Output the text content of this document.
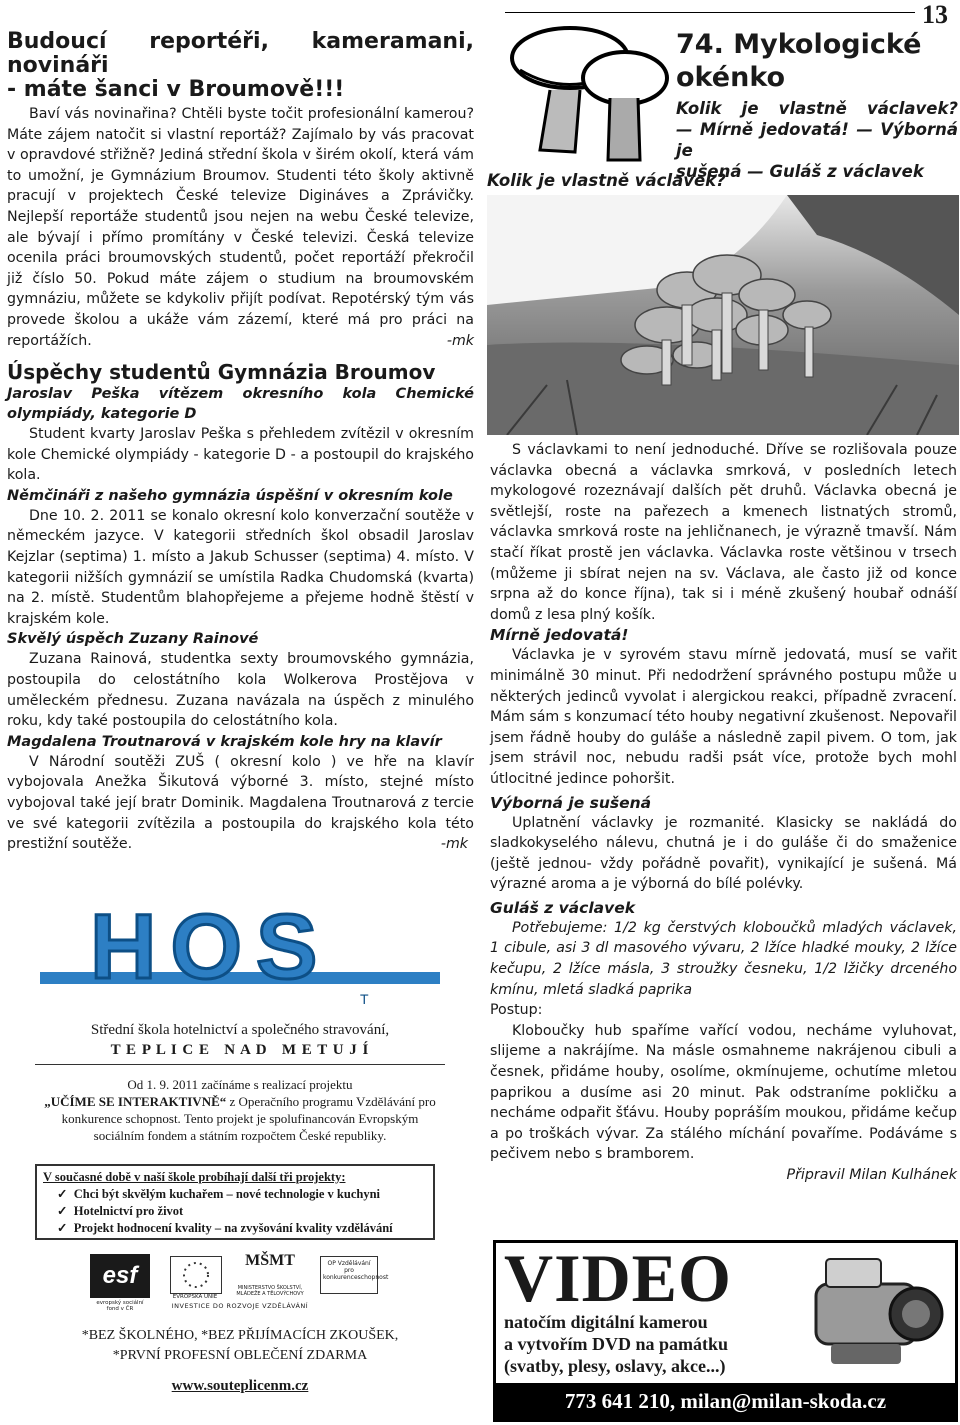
13
Budoucí reportéři, kameramani, novináři
- máte šanci v Broumově!!!

Baví vás novinařina? Chtěli byste točit profesionální kamerou? Máte zájem natočit si vlastní reportáž? Zajímalo by vás pracovat v opravdové střižně? Jediná střední škola v širém okolí, která vám to umožní, je Gymnázium Broumov. Studenti této školy aktivně pracují v projektech České televize Digináves a Zprávičky. Nejlepší reportáže studentů jsou nejen na webu České televize, ale bývají i přímo promítány v České televizi. Česká televize ocenila práci broumovských studentů, počet reportáží překročil již číslo 50. Pokud máte zájem o studium na broumovském gymnáziu, můžete se kdykoliv přijít podívat. Repotérský tým vás provede školou a ukáže vám zázemí, které má pro práci na reportážích.	-mk

Úspěchy studentů Gymnázia Broumov
Jaroslav Peška vítězem okresního kola Chemické olympiády, kategorie D

Student kvarty Jaroslav Peška s přehledem zvítězil v okresním kole Chemické olympiády - kategorie D - a postoupil do krajského kola.

Němčináři z našeho gymnázia úspěšní v okresním kole

Dne 10. 2. 2011 se konalo okresní kolo konverzační soutěže v německém jazyce. V kategorii středních škol obsadil Jaroslav Kejzlar (septima) 1. místo a Jakub Schusser (septima) 4. místo. V kategorii nižších gymnázií se umístila Radka Chudomská (kvarta) na 2. místě. Studentům blahopřejeme a přejeme hodně štěstí v krajském kole.

Skvělý úspěch Zuzany Rainové

Zuzana Rainová, studentka sexty broumovského gymnázia, postoupila do celostátního kola Wolkerova Prostějova v uměleckém přednesu. Zuzana navázala na úspěch z minulého roku, kdy také postoupila do celostátního kola.

Magdalena Troutnarová v krajském kole hry na klavír

V Národní soutěži ZUŠ ( okresní kolo ) ve hře na klavír vybojovala Anežka Šikutová výborné 3. místo, stejné místo vybojoval také její bratr Dominik. Magdalena Troutnarová z tercie ve své kategorii zvítězila a postoupila do krajského kola této prestižní soutěže.	-mk

HOS
T
Střední škola hotelnictví a společného stravování,
T E P L I C E   N A D   M E T U J Í
Od 1. 9. 2011 začínáme s realizací projektu
„UČÍME SE INTERAKTIVNĚ“ z Operačního programu Vzdělávání pro konkurence schopnost. Tento projekt je spolufinancován Evropským sociálním fondem a státním rozpočtem České republiky.
V současné době v naší škole probíhají další tři projekty:
✓  Chci být skvělým kuchařem – nové technologie v kuchyni
✓  Hotelnictví pro život
✓  Projekt hodnocení kvality – na zvyšování kvality vzdělávání
esf
evropský sociální fond v ČR
EVROPSKÁ UNIE
MŠMT
MINISTERSTVO ŠKOLSTVÍ, MLÁDEŽE A TĚLOVÝCHOVY
OP Vzdělávání pro konkurenceschopnost
INVESTICE DO ROZVOJE VZDĚLÁVÁNÍ
*BEZ ŠKOLNÉHO, *BEZ PŘIJÍMACÍCH ZKOUŠEK,
*PRVNÍ PROFESNÍ OBLEČENÍ ZDARMA
www.souteplicenm.cz
74. Mykologické
okénko
Kolik je vlastně václavek?
— Mírně jedovatá! — Výborná je
sušená — Guláš z václavek
Kolik je vlastně václavek?

S václavkami to není jednoduché. Dříve se rozlišovala pouze václavka obecná a václavka smrková, v posledních letech mykologové rozeznávají dalších pět druhů. Václavka obecná je světlejší, roste na pařezech a kmenech listnatých stromů, václavka smrková roste na jehličnanech, je výrazně tmavší. Nám stačí říkat prostě jen václavka. Václavka roste většinou v trsech (můžeme ji sbírat nejen na sv. Václava, ale často již od konce srpna až do konce října), tak si i méně zkušený houbař odnáší domů z lesa plný košík.

Mírně jedovatá!

Václavka je v syrovém stavu mírně jedovatá, musí se vařit minimálně 30 minut. Při nedodržení správného postupu může u některých jedinců vyvolat i alergickou reakci, případně zvracení. Mám sám s konzumací této houby negativní zkušenost. Nepovařil jsem řádně houby do guláše a následně zapil pivem. O tom, jak jsem strávil noc, nebudu radši psát více, protože bych mohl útlocitné jedince pohoršit.

Výborná je sušená

Uplatnění václavky je rozmanité. Klasicky se nakládá do sladkokyselého nálevu, chutná je i do guláše či do smaženice (ještě jednou- vždy pořádně povařit), vynikající je sušená. Má výrazné aroma a je výborná do bílé polévky.

Guláš z václavek

Potřebujeme: 1/2 kg čerstvých kloboučků mladých václavek, 1 cibule, asi 3 dl masového vývaru, 2 lžíce hladké mouky, 2 lžíce kečupu, 2 lžíce másla, 3 stroužky česneku, 1/2 lžičky drceného kmínu, mletá sladká paprika

Postup:

Kloboučky hub spaříme vařící vodou, necháme vyluhovat, slijeme a nakrájíme. Na másle osmahneme nakrájenou cibuli a česnek, přidáme houby, osolíme, okmínujeme, ochutíme mletou paprikou a dusíme asi 20 minut. Pak odstraníme pokličku a necháme odpařit šťávu. Houby popráším moukou, přidáme kečup a po troškách vývar. Za stálého míchání povaříme. Podáváme s pečivem nebo s bramborem.

Připravil Milan Kulhánek

VIDEO
natočím digitální kamerou
a vytvořím DVD na památku
(svatby, plesy, oslavy, akce...)
773 641 210, milan@milan-skoda.cz
